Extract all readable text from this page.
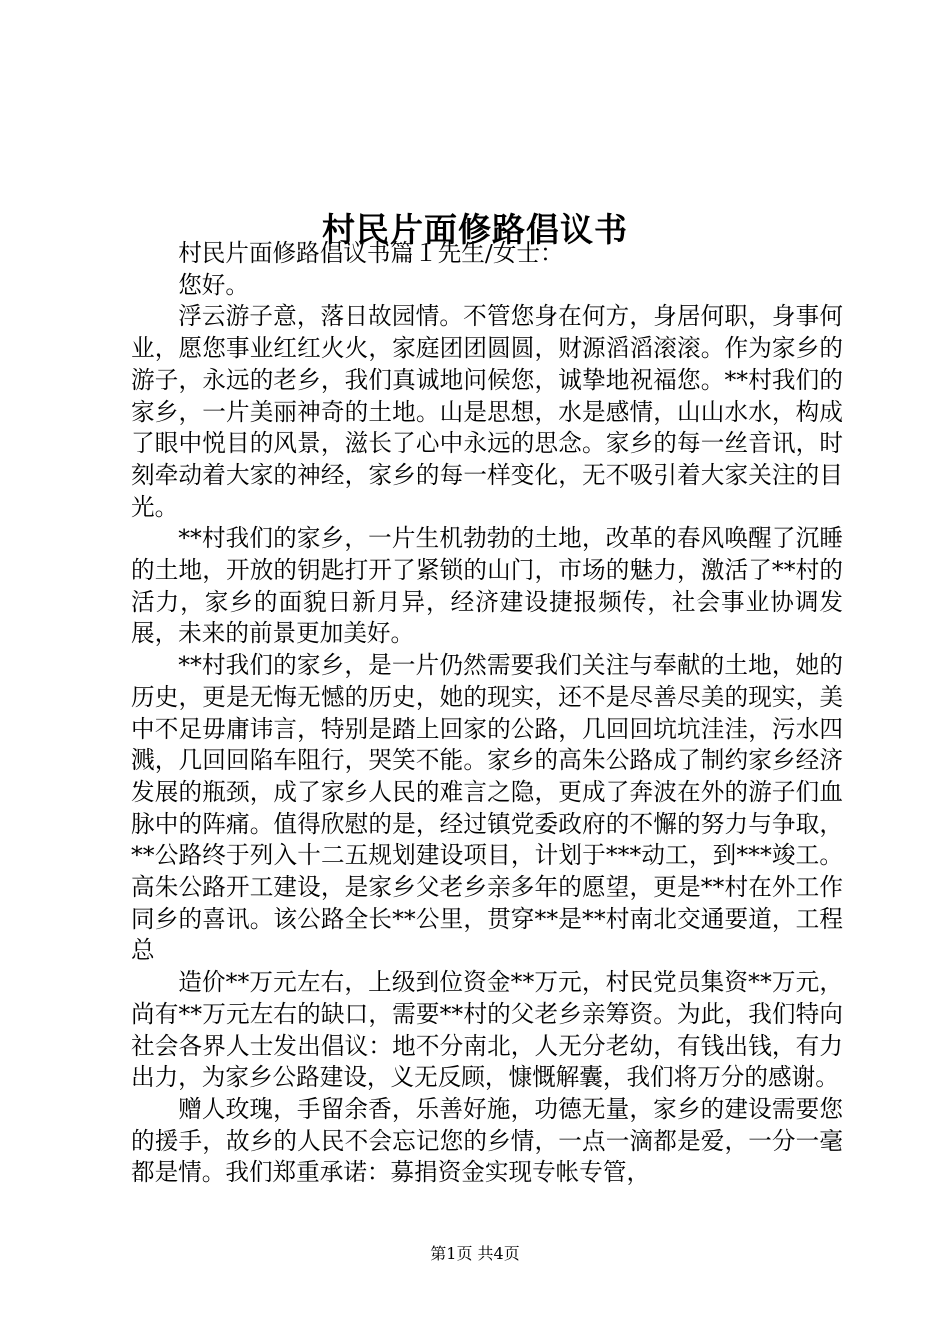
村民片面修路倡议书

村民片面修路倡议书篇１先生/女士：

您好。

浮云游子意，落日故园情。不管您身在何方，身居何职，身事何业，愿您事业红红火火，家庭团团圆圆，财源滔滔滚滚。作为家乡的游子，永远的老乡，我们真诚地问候您，诚挚地祝福您。**村我们的家乡，一片美丽神奇的土地。山是思想，水是感情，山山水水，构成了眼中悦目的风景，滋长了心中永远的思念。家乡的每一丝音讯，时刻牵动着大家的神经，家乡的每一样变化，无不吸引着大家关注的目光。

**村我们的家乡，一片生机勃勃的土地，改革的春风唤醒了沉睡的土地，开放的钥匙打开了紧锁的山门，市场的魅力，激活了**村的活力，家乡的面貌日新月异，经济建设捷报频传，社会事业协调发展，未来的前景更加美好。

**村我们的家乡，是一片仍然需要我们关注与奉献的土地，她的历史，更是无悔无憾的历史，她的现实，还不是尽善尽美的现实，美中不足毋庸讳言，特别是踏上回家的公路，几回回坑坑洼洼，污水四溅，几回回陷车阻行，哭笑不能。家乡的高朱公路成了制约家乡经济发展的瓶颈，成了家乡人民的难言之隐，更成了奔波在外的游子们血脉中的阵痛。值得欣慰的是，经过镇党委政府的不懈的努力与争取，**公路终于列入十二五规划建设项目，计划于***动工，到***竣工。高朱公路开工建设，是家乡父老乡亲多年的愿望，更是**村在外工作同乡的喜讯。该公路全长**公里，贯穿**是**村南北交通要道，工程总

造价**万元左右，上级到位资金**万元，村民党员集资**万元，尚有**万元左右的缺口，需要**村的父老乡亲筹资。为此，我们特向社会各界人士发出倡议：地不分南北，人无分老幼，有钱出钱，有力出力，为家乡公路建设，义无反顾，慷慨解囊，我们将万分的感谢。

赠人玫瑰，手留余香，乐善好施，功德无量，家乡的建设需要您的援手，故乡的人民不会忘记您的乡情，一点一滴都是爱，一分一毫都是情。我们郑重承诺：募捐资金实现专帐专管，

第1页 共4页
